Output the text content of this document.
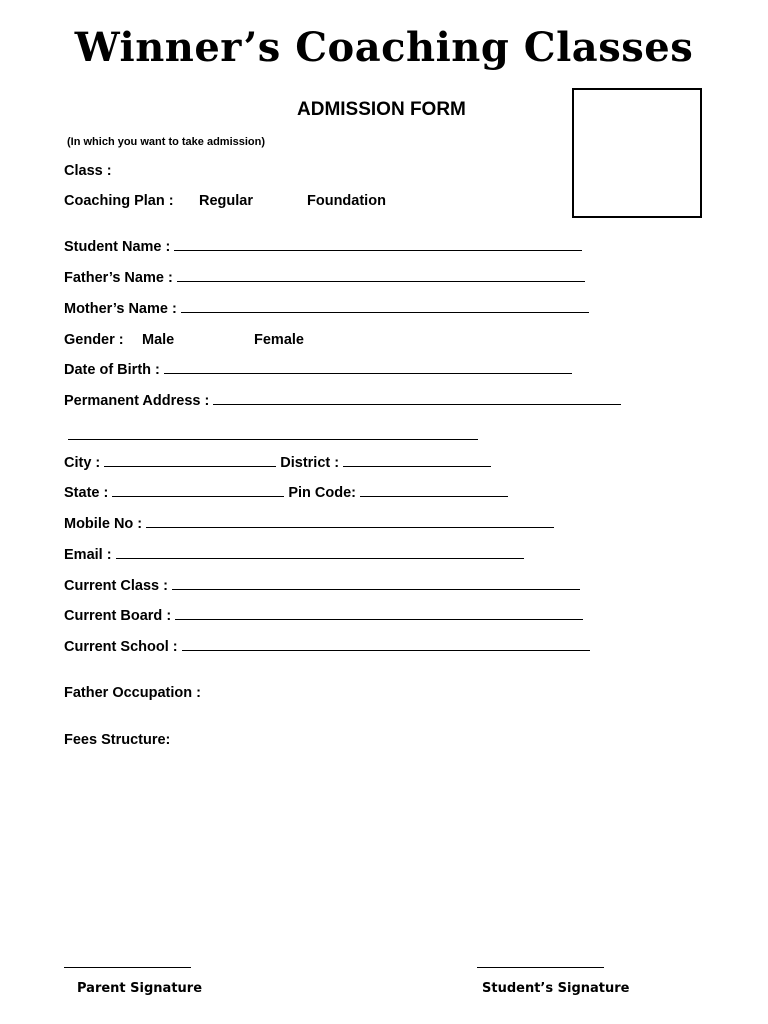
Winner’s Coaching Classes
ADMISSION FORM
(In which you want to take admission)
Class :
Coaching Plan : Regular	Foundation
Student Name :
Father’s Name :
Mother’s Name :
Gender : Male	Female
Date of Birth :
Permanent Address :
City :	District :
State :	Pin Code:
Mobile No :
Email :
Current Class :
Current Board :
Current School :
Father Occupation :
Fees Structure:
Parent Signature	Student’s Signature
